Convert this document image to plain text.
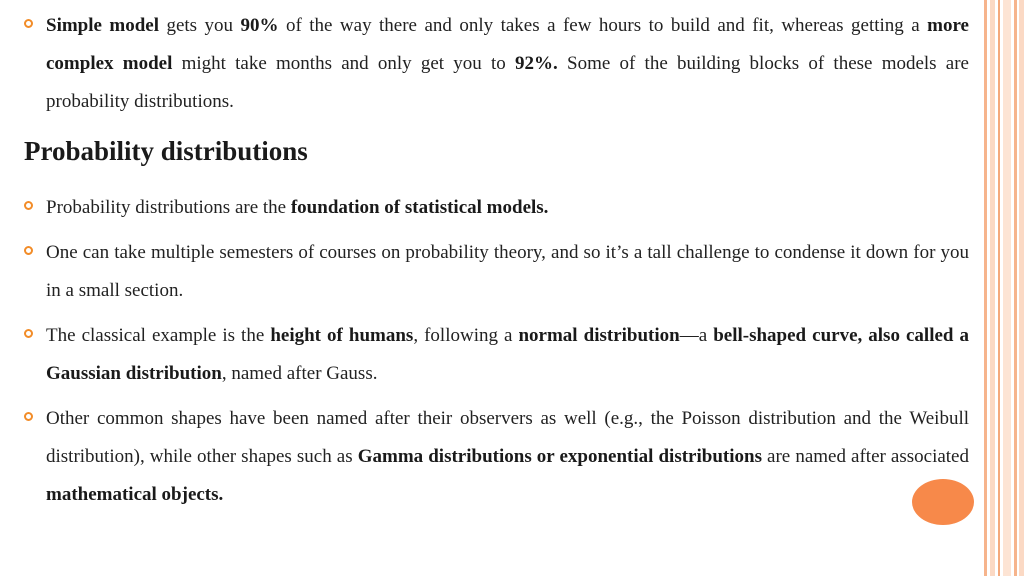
Simple model gets you 90% of the way there and only takes a few hours to build and fit, whereas getting a more complex model might take months and only get you to 92%. Some of the building blocks of these models are probability distributions.
Probability distributions
Probability distributions are the foundation of statistical models.
One can take multiple semesters of courses on probability theory, and so it’s a tall challenge to condense it down for you in a small section.
The classical example is the height of humans, following a normal distribution—a bell-shaped curve, also called a Gaussian distribution, named after Gauss.
Other common shapes have been named after their observers as well (e.g., the Poisson distribution and the Weibull distribution), while other shapes such as Gamma distributions or exponential distributions are named after associated mathematical objects.
